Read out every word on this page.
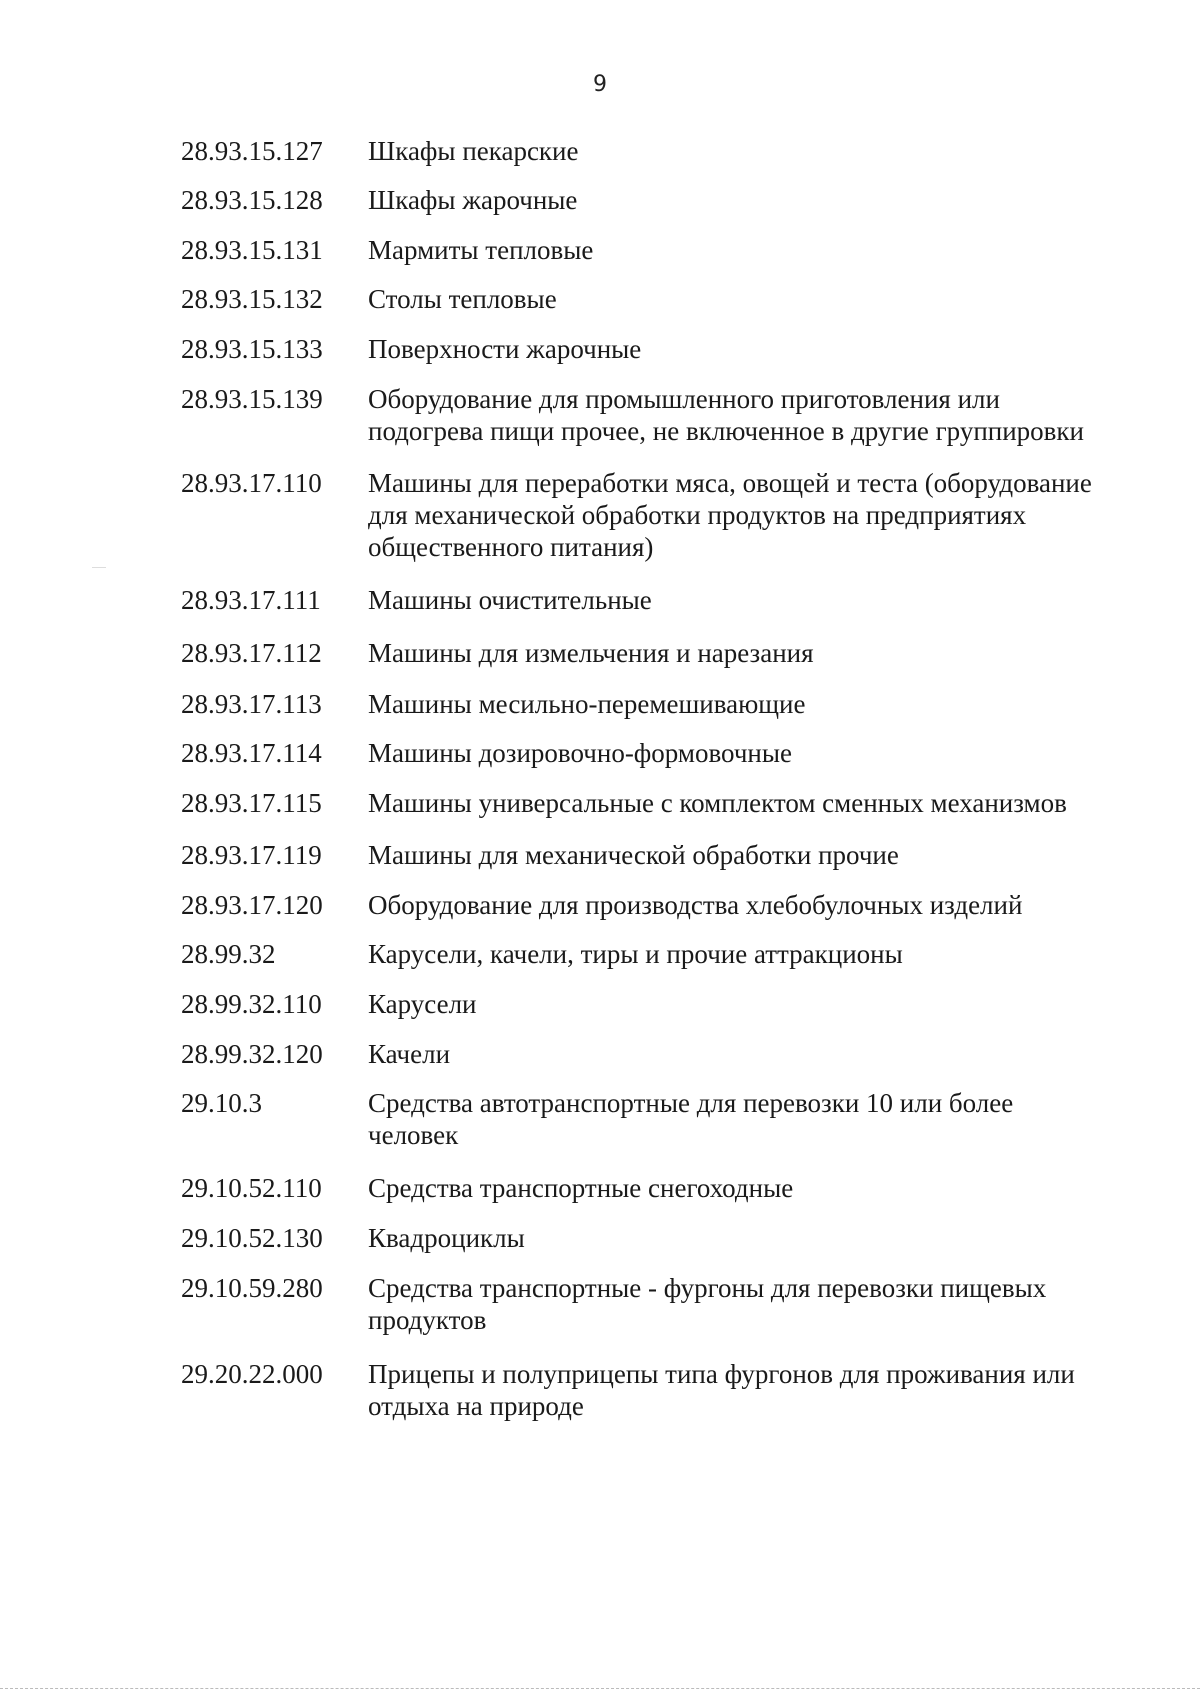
9
28.93.15.127	Шкафы пекарские
28.93.15.128	Шкафы жарочные
28.93.15.131	Мармиты тепловые
28.93.15.132	Столы тепловые
28.93.15.133	Поверхности жарочные
28.93.15.139	Оборудование для промышленного приготовления или подогрева пищи прочее, не включенное в другие группировки
28.93.17.110	Машины для переработки мяса, овощей и теста (оборудование для механической обработки продуктов на предприятиях общественного питания)
28.93.17.111	Машины очистительные
28.93.17.112	Машины для измельчения и нарезания
28.93.17.113	Машины месильно-перемешивающие
28.93.17.114	Машины дозировочно-формовочные
28.93.17.115	Машины универсальные с комплектом сменных механизмов
28.93.17.119	Машины для механической обработки прочие
28.93.17.120	Оборудование для производства хлебобулочных изделий
28.99.32	Карусели, качели, тиры и прочие аттракционы
28.99.32.110	Карусели
28.99.32.120	Качели
29.10.3	Средства автотранспортные для перевозки 10 или более человек
29.10.52.110	Средства транспортные снегоходные
29.10.52.130	Квадроциклы
29.10.59.280	Средства транспортные - фургоны для перевозки пищевых продуктов
29.20.22.000	Прицепы и полуприцепы типа фургонов для проживания или отдыха на природе
